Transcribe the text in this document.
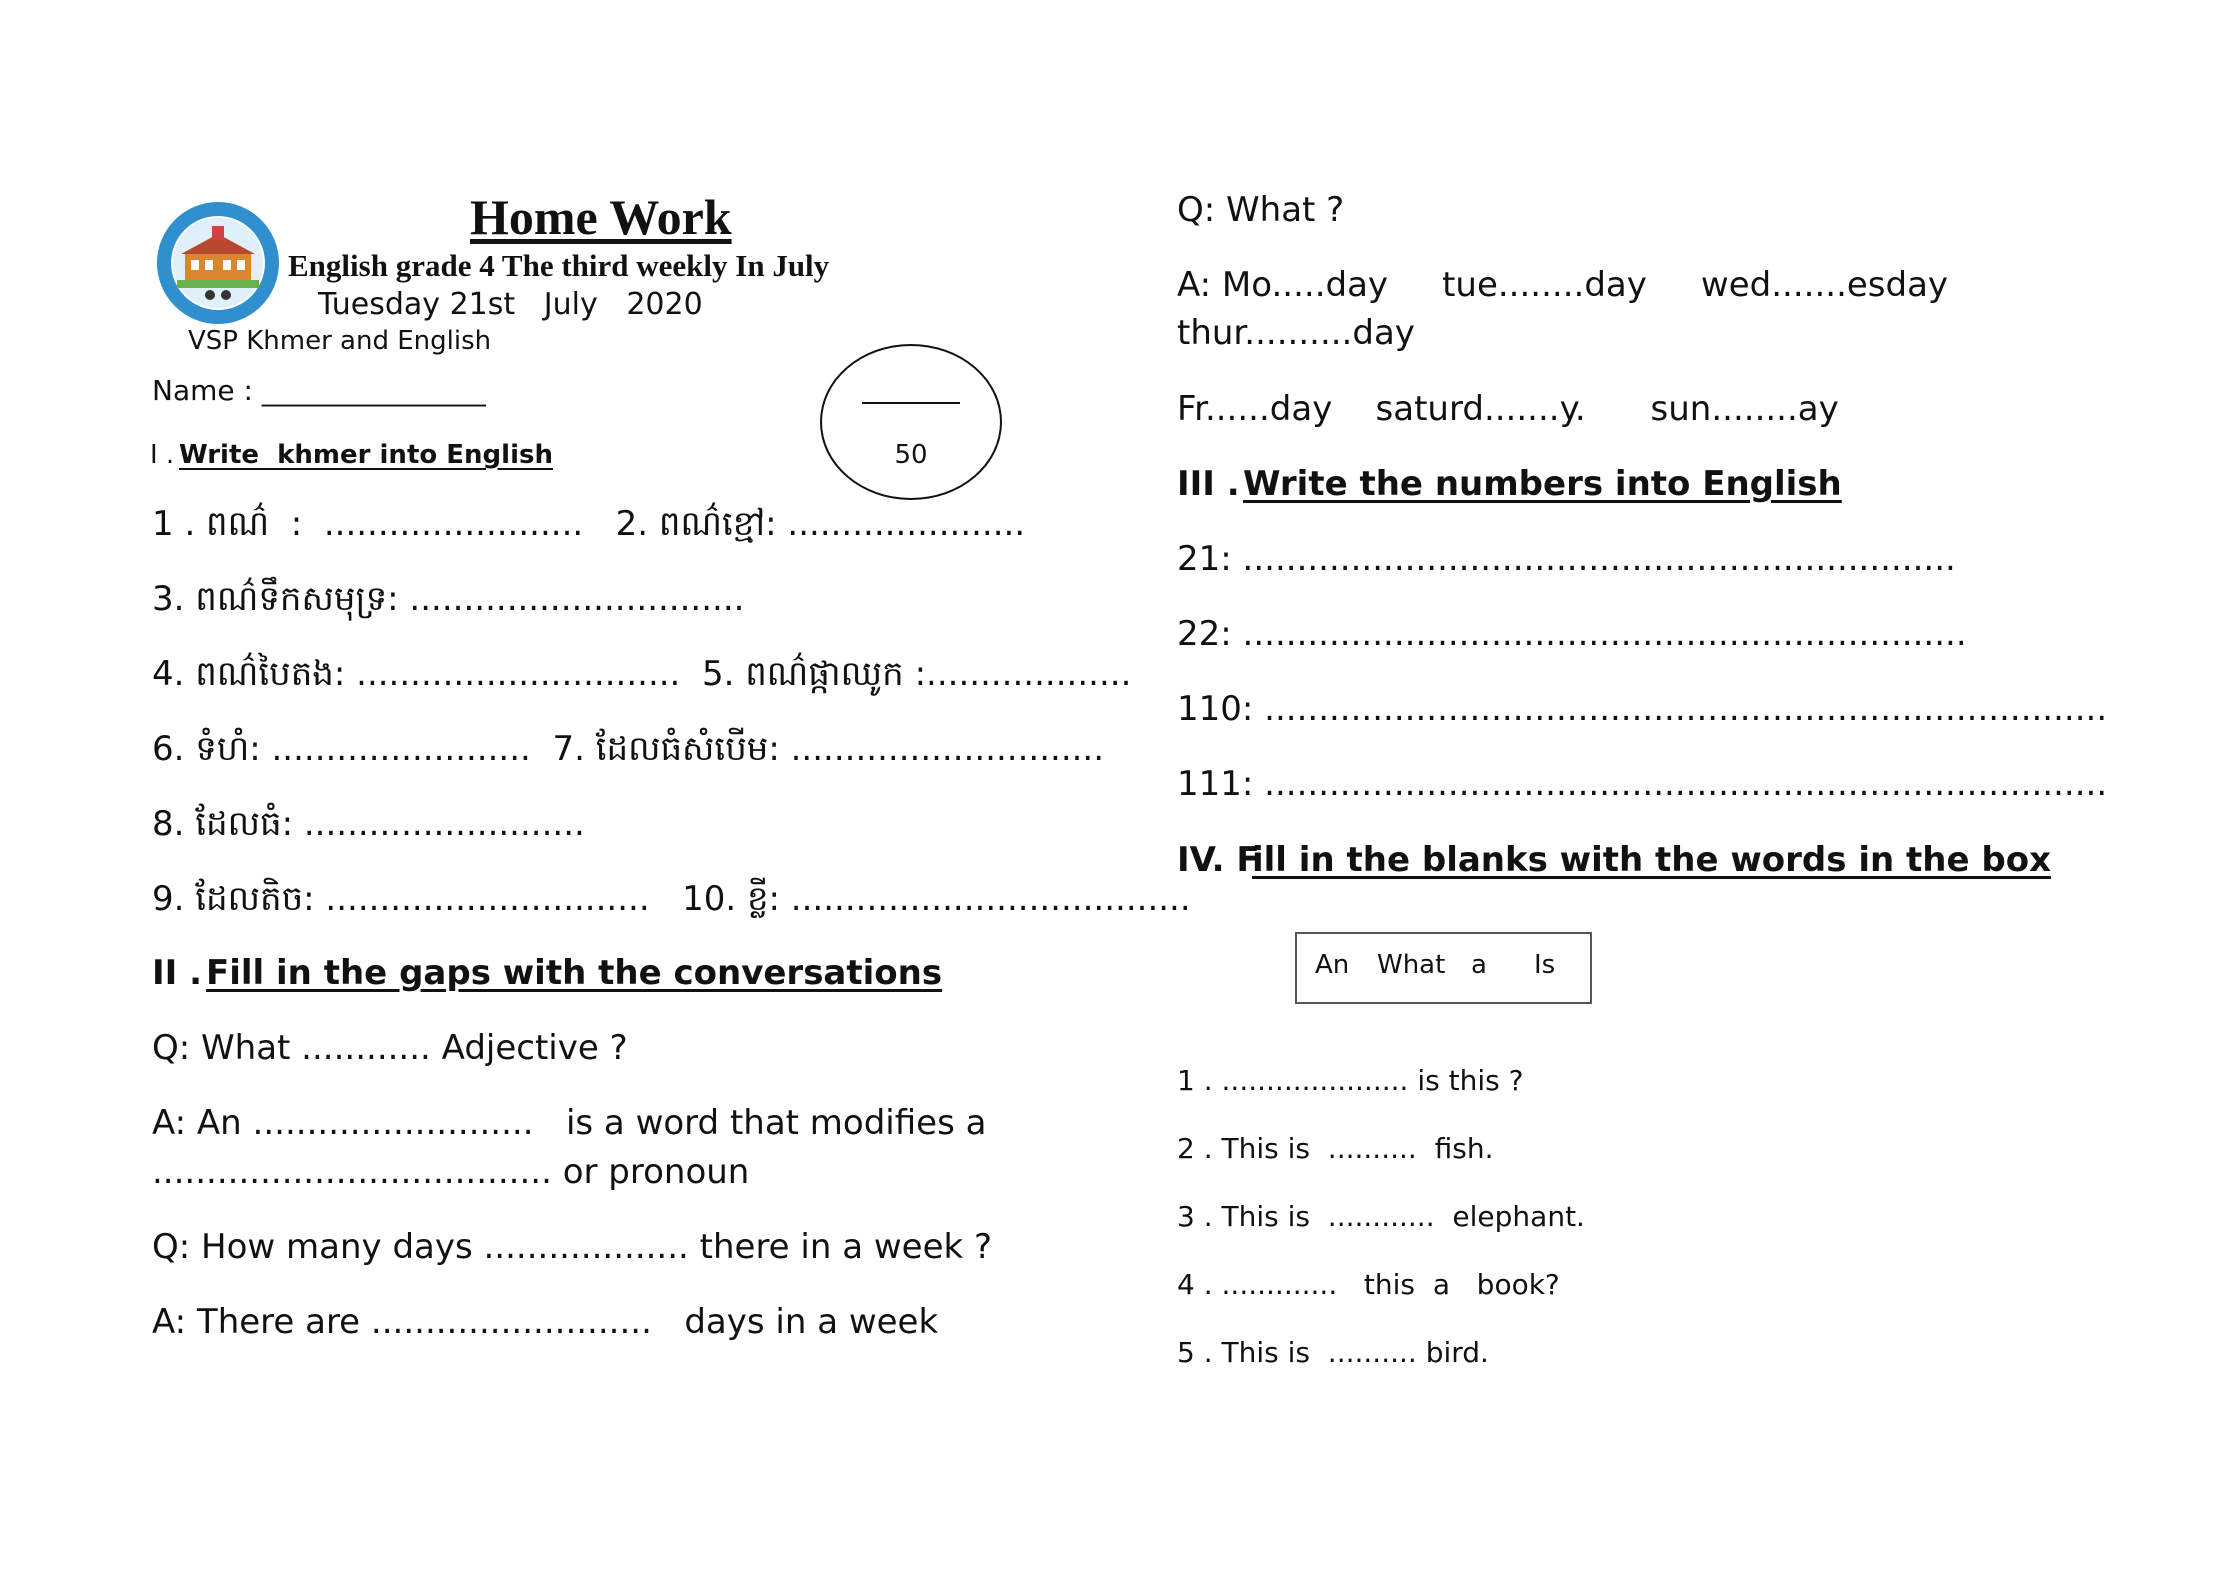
Home Work
English grade 4 The third weekly In July
Tuesday 21st   July   2020
VSP Khmer and English
Name : ________________
50
I . Write  khmer into English
1 . ពណ៌  :  ........................   2. ពណ៌ខ្មៅ: ......................
3. ពណ៌ទឹកសមុទ្រ: ...............................
4. ពណ៌បៃតង: ..............................  5. ពណ៌ផ្កាឈូក :...................
6. ទំហំ: ........................  7. ដែលធំសំបើម: .............................
8. ដែលធំ: ..........................
9. ដែលតិច: ..............................   10. ខ្លី: .....................................
II . Fill in the gaps with the conversations
Q: What ............ Adjective ?
A: An ..........................   is a word that modifies a
..................................... or pronoun
Q: How many days ................... there in a week ?
A: There are ..........................   days in a week
Q: What ?
A: Mo.....day     tue........day     wed.......esday
thur..........day
Fr......day    saturd.......y.      sun........ay
III . Write the numbers into English
21: ..................................................................
22: ...................................................................
110: ..............................................................................
111: ..............................................................................
IV. F
ill in the blanks with the words in the box
An What a Is
1 . ..................... is this ?
2 . This is  ..........  fish.
3 . This is  ............  elephant.
4 . .............   this  a   book?
5 . This is  .......... bird.
